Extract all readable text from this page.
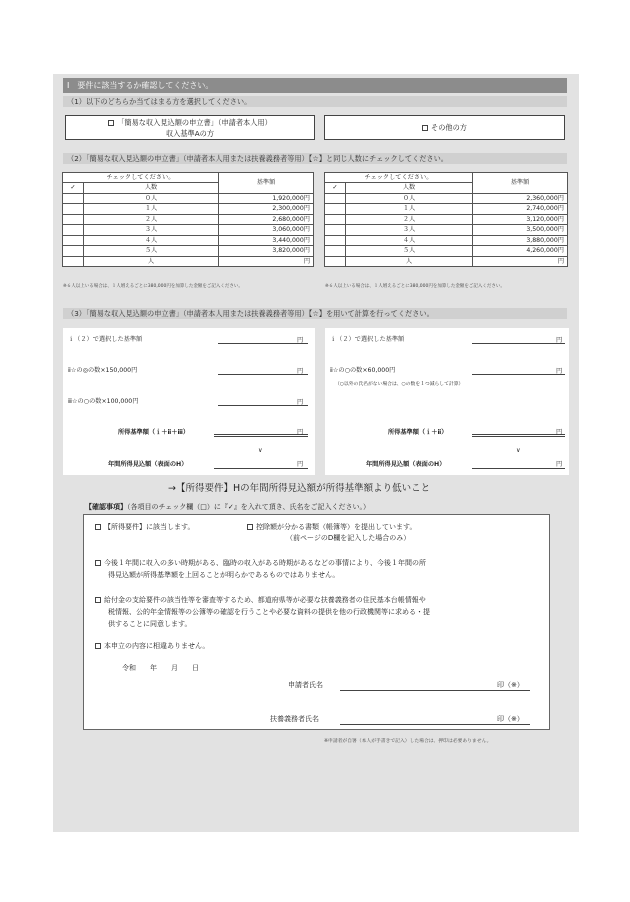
Ⅰ　要件に該当するか確認してください。
（1）以下のどちらか当てはまる方を選択してください。
「簡易な収入見込額の申立書」（申請者本人用）
収入基準Aの方
その他の方
（2）「簡易な収入見込額の申立書」（申請者本人用または扶養義務者等用）【☆】と同じ人数にチェックしてください。
チェックしてください。		基準額
✓	人数	
	０人	1,920,000円
	１人	2,300,000円
	２人	2,680,000円
	３人	3,060,000円
	４人	3,440,000円
	５人	3,820,000円
	人	円
※６人以上いる場合は、１人増えるごとに380,000円を加算した金額をご記入ください。
チェックしてください。		基準額
✓	人数	
	０人	2,360,000円
	１人	2,740,000円
	２人	3,120,000円
	３人	3,500,000円
	４人	3,880,000円
	５人	4,260,000円
	人	円
※６人以上いる場合は、１人増えるごとに380,000円を加算した金額をご記入ください。
（3）「簡易な収入見込額の申立書」（申請者本人用または扶養義務者等用）【☆】を用いて計算を行ってください。
ｉ（２）で選択した基準額	円
ⅱ☆の◎の数×150,000円	円
ⅲ☆の○の数×100,000円	円
所得基準額（ｉ＋ⅱ＋ⅲ）	円
∨
年間所得見込額（表面のH）	円
ｉ（２）で選択した基準額	円
ⅱ☆の○の数×60,000円	円
（○以外の氏名がない場合は、○の数を１つ減らして計算）
所得基準額（ｉ＋ⅱ）	円
∨
年間所得見込額（表面のH）	円
→【所得要件】Hの年間所得見込額が所得基準額より低いこと
【確認事項】（各項目のチェック欄（□）に『✓』を入れて頂き、氏名をご記入ください。）
【所得要件】に該当します。	控除額が分かる書類（帳簿等）を提出しています。
（前ページのD欄を記入した場合のみ）
今後１年間に収入の多い時期がある、臨時の収入がある時期があるなどの事情により、今後１年間の所
得見込額が所得基準額を上回ることが明らかであるものではありません。
給付金の支給要件の該当性等を審査等するため、都道府県等が必要な扶養義務者の住民基本台帳情報や
税情報、公的年金情報等の公簿等の確認を行うことや必要な資料の提供を他の行政機関等に求める・提
供することに同意します。
本申立の内容に相違ありません。
令和　　年　　月　　日
申請者氏名	印（※）
扶養義務者氏名	印（※）
※申請者が自署（本人が手書きで記入）した場合は、押印は必要ありません。
